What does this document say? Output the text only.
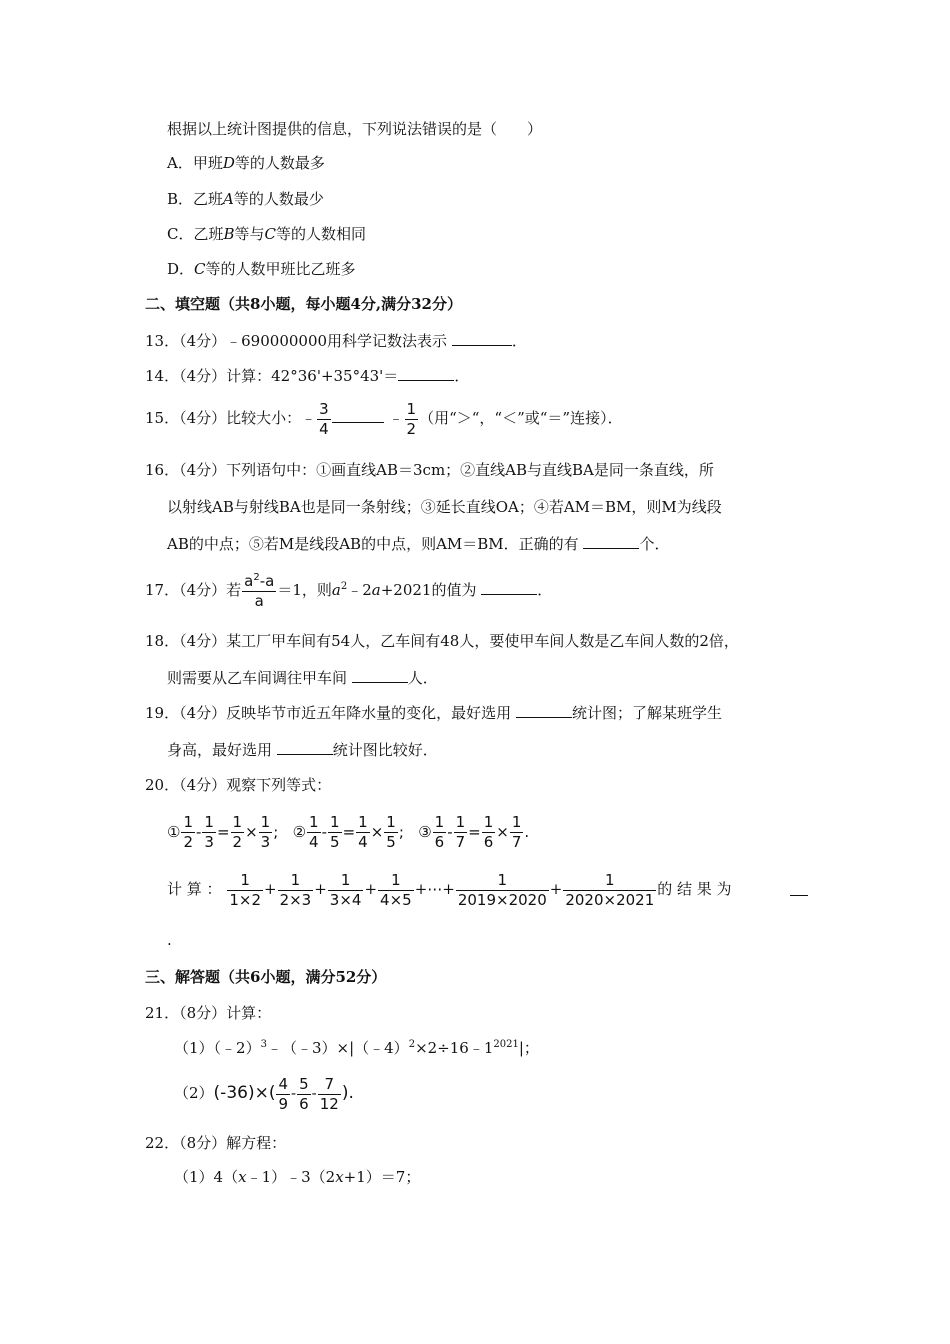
根据以上统计图提供的信息，下列说法错误的是（　　）
A．甲班D等的人数最多
B．乙班A等的人数最少
C．乙班B等与C等的人数相同
D．C等的人数甲班比乙班多
二、填空题（共8小题，每小题4分,满分32分）
13．（4分）﹣690000000用科学记数法表示	．
14．（4分）计算：42°36'+35°43'＝	．
15．（4分）比较大小：﹣ $\frac{3}{4}$	﹣ $\frac{1}{2}$ （用“＞“，“＜”或“＝”连接）．
16．（4分）下列语句中：①画直线AB＝3cm；②直线AB与直线BA是同一条直线，所
以射线AB与射线BA也是同一条射线；③延长直线OA；④若AM＝BM，则M为线段
AB的中点；⑤若M是线段AB的中点，则AM＝BM．正确的有	个．
17．（4分）若 $\frac{a^2-a}{a} =1$，则$a^2﹣2a+2021$的值为	．
18．（4分）某工厂甲车间有54人，乙车间有48人，要使甲车间人数是乙车间人数的2倍，
则需要从乙车间调往甲车间	人．
19．（4分）反映毕节市近五年降水量的变化，最好选用	统计图；了解某班学生
身高，最好选用	统计图比较好．
20．（4分）观察下列等式：
① $\frac{1}{2} - \frac{1}{3} = \frac{1}{2} \times \frac{1}{3}$ ; ② $\frac{1}{4} - \frac{1}{5} = \frac{1}{4} \times \frac{1}{5}$ ; ③ $\frac{1}{6} - \frac{1}{7} = \frac{1}{6} \times \frac{1}{7}$ .
计 算 ： $\frac{1}{1\times 2} + \frac{1}{2\times 3} + \frac{1}{3\times 4} + \frac{1}{4\times 5}$ +⋯+ $\frac{1}{2019\times 2020} + \frac{1}{2020\times 2021}$ 的 结 果 为
.
三、解答题（共6小题，满分52分）
21．（8分）计算：
$(1)(﹣2)^3﹣(﹣3)\times|(﹣4)^2\times 2\div 16﹣1^{2021}|$；
$(2)(-36)\times( \frac{4}{9} - \frac{5}{6} - \frac{7}{12}$ ).
22．（8分）解方程：
（1）4（x﹣1）﹣3（2x+1）＝7；
